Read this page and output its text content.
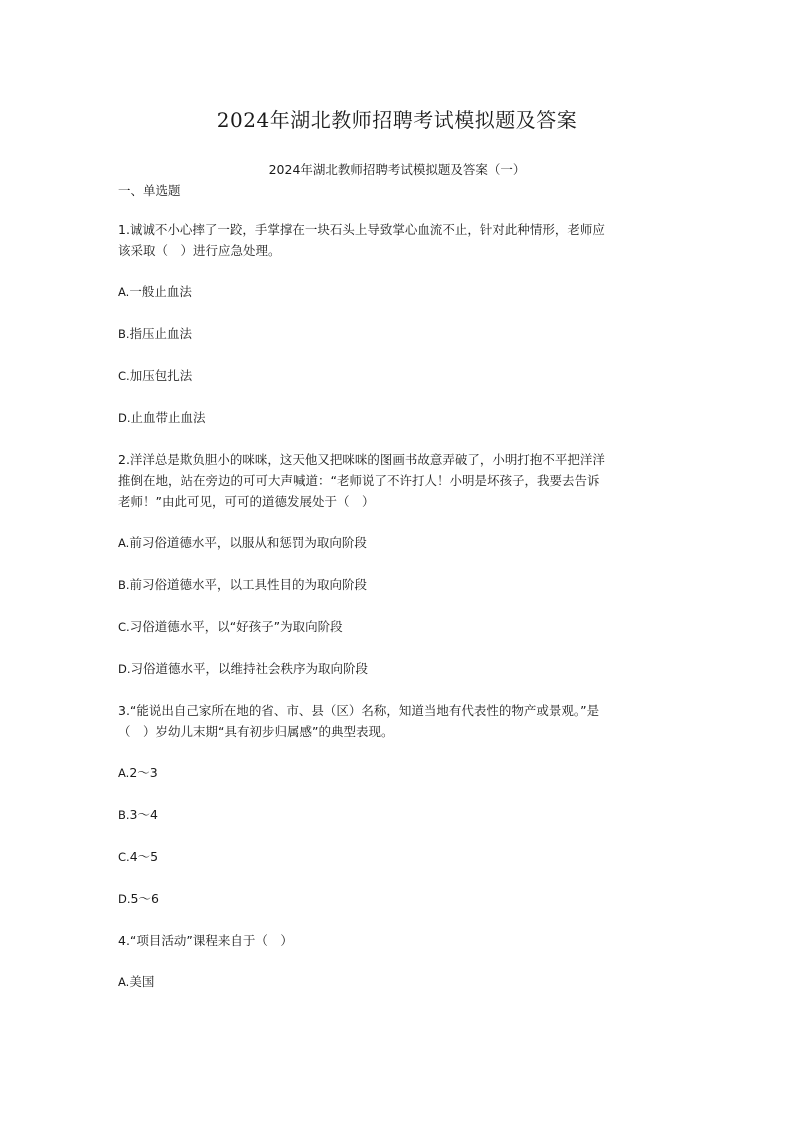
2024年湖北教师招聘考试模拟题及答案
2024年湖北教师招聘考试模拟题及答案（一）
一、单选题
1.诚诚不小心摔了一跤，手掌撑在一块石头上导致掌心血流不止，针对此种情形，老师应
该采取（　）进行应急处理。
A.一般止血法
B.指压止血法
C.加压包扎法
D.止血带止血法
2.洋洋总是欺负胆小的咪咪，这天他又把咪咪的图画书故意弄破了，小明打抱不平把洋洋
推倒在地，站在旁边的可可大声喊道：“老师说了不许打人！小明是坏孩子，我要去告诉
老师！”由此可见，可可的道德发展处于（　）
A.前习俗道德水平，以服从和惩罚为取向阶段
B.前习俗道德水平，以工具性目的为取向阶段
C.习俗道德水平，以“好孩子”为取向阶段
D.习俗道德水平，以维持社会秩序为取向阶段
3.“能说出自己家所在地的省、市、县（区）名称，知道当地有代表性的物产或景观。”是
（　）岁幼儿末期“具有初步归属感”的典型表现。
A.2～3
B.3～4
C.4～5
D.5～6
4.“项目活动”课程来自于（　）
A.美国
